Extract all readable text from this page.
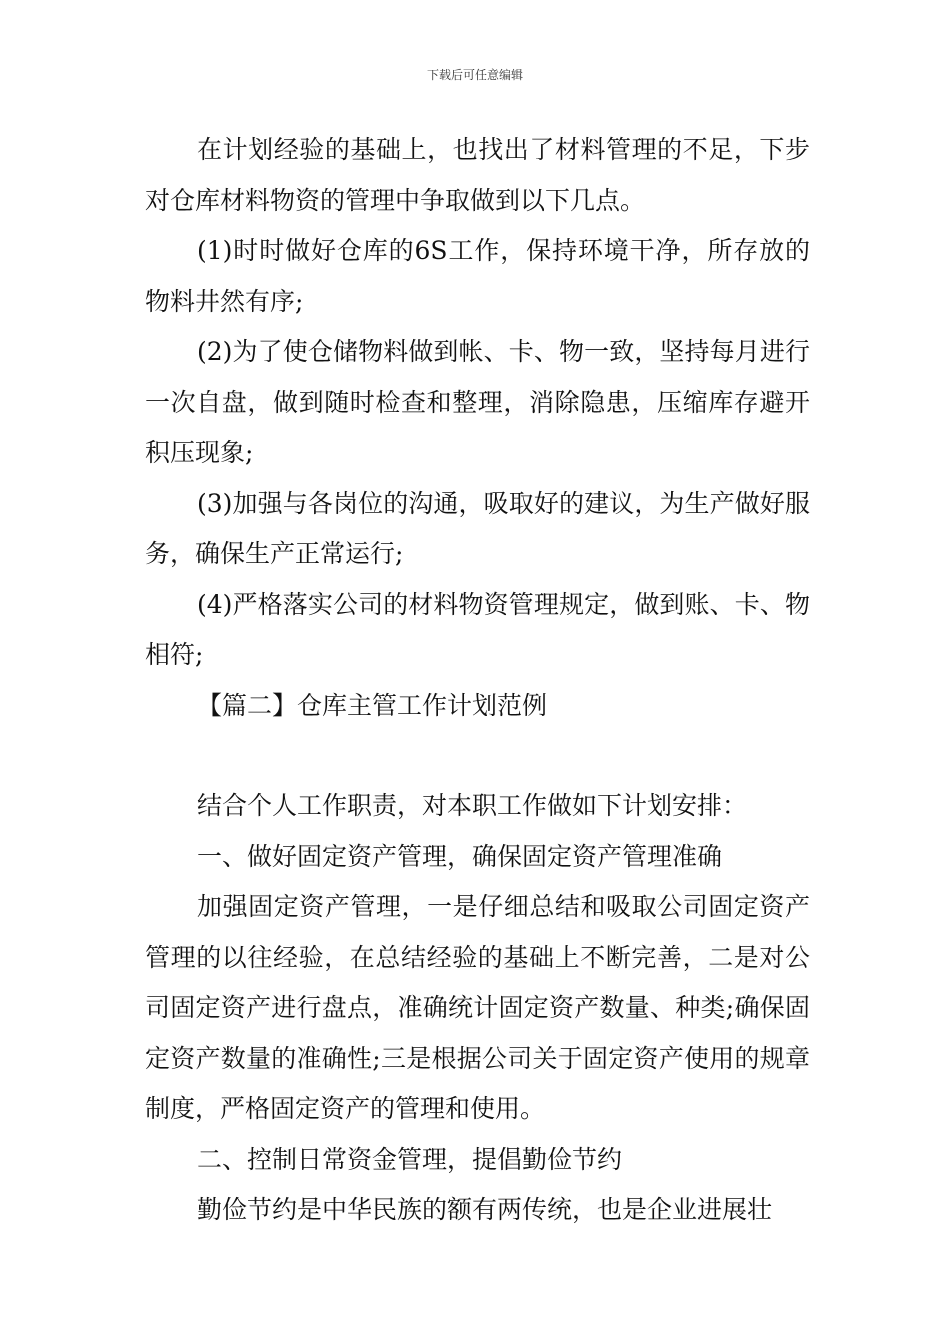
下载后可任意编辑

在计划经验的基础上，也找出了材料管理的不足，下步对仓库材料物资的管理中争取做到以下几点。

(1)时时做好仓库的6S工作，保持环境干净，所存放的物料井然有序;

(2)为了使仓储物料做到帐、卡、物一致，坚持每月进行一次自盘，做到随时检查和整理，消除隐患，压缩库存避开积压现象;

(3)加强与各岗位的沟通，吸取好的建议，为生产做好服务，确保生产正常运行;

(4)严格落实公司的材料物资管理规定，做到账、卡、物相符;

【篇二】仓库主管工作计划范例

结合个人工作职责，对本职工作做如下计划安排：

一、做好固定资产管理，确保固定资产管理准确

加强固定资产管理，一是仔细总结和吸取公司固定资产管理的以往经验，在总结经验的基础上不断完善，二是对公司固定资产进行盘点，准确统计固定资产数量、种类;确保固定资产数量的准确性;三是根据公司关于固定资产使用的规章制度，严格固定资产的管理和使用。

二、控制日常资金管理，提倡勤俭节约

勤俭节约是中华民族的额有两传统，也是企业进展壮
